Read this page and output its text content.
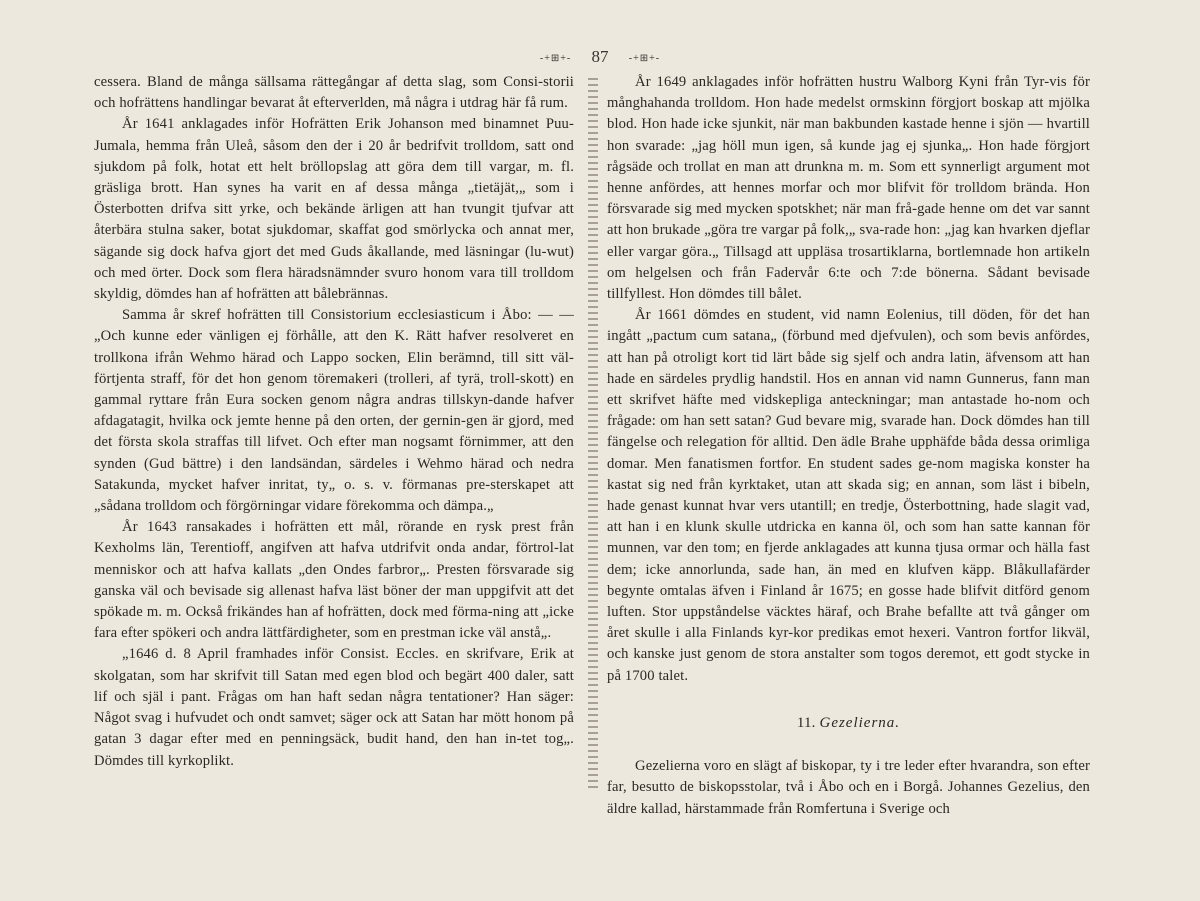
-+⊞+- 87 -+⊞+-

cessera. Bland de många sällsama rättegångar af detta slag, som Consi-storii och hofrättens handlingar bevarat åt efterverlden, må några i utdrag här få rum.

År 1641 anklagades inför Hofrätten Erik Johanson med binamnet Puu-Jumala, hemma från Uleå, såsom den der i 20 år bedrifvit trolldom, satt ond sjukdom på folk, hotat ett helt bröllopslag att göra dem till vargar, m. fl. gräsliga brott. Han synes ha varit en af dessa många „tietäjät,„ som i Österbotten drifva sitt yrke, och bekände ärligen att han tvungit tjufvar att återbära stulna saker, botat sjukdomar, skaffat god smörlycka och annat mer, sägande sig dock hafva gjort det med Guds åkallande, med läsningar (lu-wut) och med örter. Dock som flera häradsnämnder svuro honom vara till trolldom skyldig, dömdes han af hofrätten att bålebrännas.

Samma år skref hofrätten till Consistorium ecclesiasticum i Åbo: — — „Och kunne eder vänligen ej förhålle, att den K. Rätt hafver resolveret en trollkona ifrån Wehmo härad och Lappo socken, Elin berämnd, till sitt väl-förtjenta straff, för det hon genom töremakeri (trolleri, af tyrä, troll-skott) en gammal ryttare från Eura socken genom några andras tillskyn-dande hafver afdagatagit, hvilka ock jemte henne på den orten, der gernin-gen är gjord, med det första skola straffas till lifvet. Och efter man nogsamt förnimmer, att den synden (Gud bättre) i den landsändan, särdeles i Wehmo härad och nedra Satakunda, mycket hafver inritat, ty„ o. s. v. förmanas pre-sterskapet att „sådana trolldom och förgörningar vidare förekomma och dämpa.„

År 1643 ransakades i hofrätten ett mål, rörande en rysk prest från Kexholms län, Terentioff, angifven att hafva utdrifvit onda andar, förtrol-lat menniskor och att hafva kallats „den Ondes farbror„. Presten försvarade sig ganska väl och bevisade sig allenast hafva läst böner der man uppgifvit att det spökade m. m. Också frikändes han af hofrätten, dock med förma-ning att „icke fara efter spökeri och andra lättfärdigheter, som en prestman icke väl anstå„.

„1646 d. 8 April framhades inför Consist. Eccles. en skrifvare, Erik at skolgatan, som har skrifvit till Satan med egen blod och begärt 400 daler, satt lif och själ i pant. Frågas om han haft sedan några tentationer? Han säger: Något svag i hufvudet och ondt samvet; säger ock att Satan har mött honom på gatan 3 dagar efter med en penningsäck, budit hand, den han in-tet tog„. Dömdes till kyrkoplikt.

År 1649 anklagades inför hofrätten hustru Walborg Kyni från Tyr-vis för månghahanda trolldom. Hon hade medelst ormskinn förgjort boskap att mjölka blod. Hon hade icke sjunkit, när man bakbunden kastade henne i sjön — hvartill hon svarade: „jag höll mun igen, så kunde jag ej sjunka„. Hon hade förgjort rågsäde och trollat en man att drunkna m. m. Som ett synnerligt argument mot henne anfördes, att hennes morfar och mor blifvit för trolldom brända. Hon försvarade sig med mycken spotskhet; när man frå-gade henne om det var sannt att hon brukade „göra tre vargar på folk,„ sva-rade hon: „jag kan hvarken djeflar eller vargar göra.„ Tillsagd att uppläsa trosartiklarna, bortlemnade hon artikeln om helgelsen och från Fadervår 6:te och 7:de bönerna. Sådant bevisade tillfyllest. Hon dömdes till bålet.

År 1661 dömdes en student, vid namn Eolenius, till döden, för det han ingått „pactum cum satana„ (förbund med djefvulen), och som bevis anfördes, att han på otroligt kort tid lärt både sig sjelf och andra latin, äfvensom att han hade en särdeles prydlig handstil. Hos en annan vid namn Gunnerus, fann man ett skrifvet häfte med vidskepliga anteckningar; man antastade ho-nom och frågade: om han sett satan? Gud bevare mig, svarade han. Dock dömdes han till fängelse och relegation för alltid. Den ädle Brahe upphäfde båda dessa orimliga domar. Men fanatismen fortfor. En student sades ge-nom magiska konster ha kastat sig ned från kyrktaket, utan att skada sig; en annan, som läst i bibeln, hade genast kunnat hvar vers utantill; en tredje, Österbottning, hade slagit vad, att han i en klunk skulle utdricka en kanna öl, och som han satte kannan för munnen, var den tom; en fjerde anklagades att kunna tjusa ormar och hälla fast dem; icke annorlunda, sade han, än med en klufven käpp. Blåkullafärder begynte omtalas äfven i Finland år 1675; en gosse hade blifvit ditförd genom luften. Stor uppståndelse väcktes häraf, och Brahe befallte att två gånger om året skulle i alla Finlands kyr-kor predikas emot hexeri. Vantron fortfor likväl, och kanske just genom de stora anstalter som togos deremot, ett godt stycke in på 1700 talet.

11. Gezelierna.

Gezelierna voro en slägt af biskopar, ty i tre leder efter hvarandra, son efter far, besutto de biskopsstolar, två i Åbo och en i Borgå. Johannes Gezelius, den äldre kallad, härstammade från Romfertuna i Sverige och
